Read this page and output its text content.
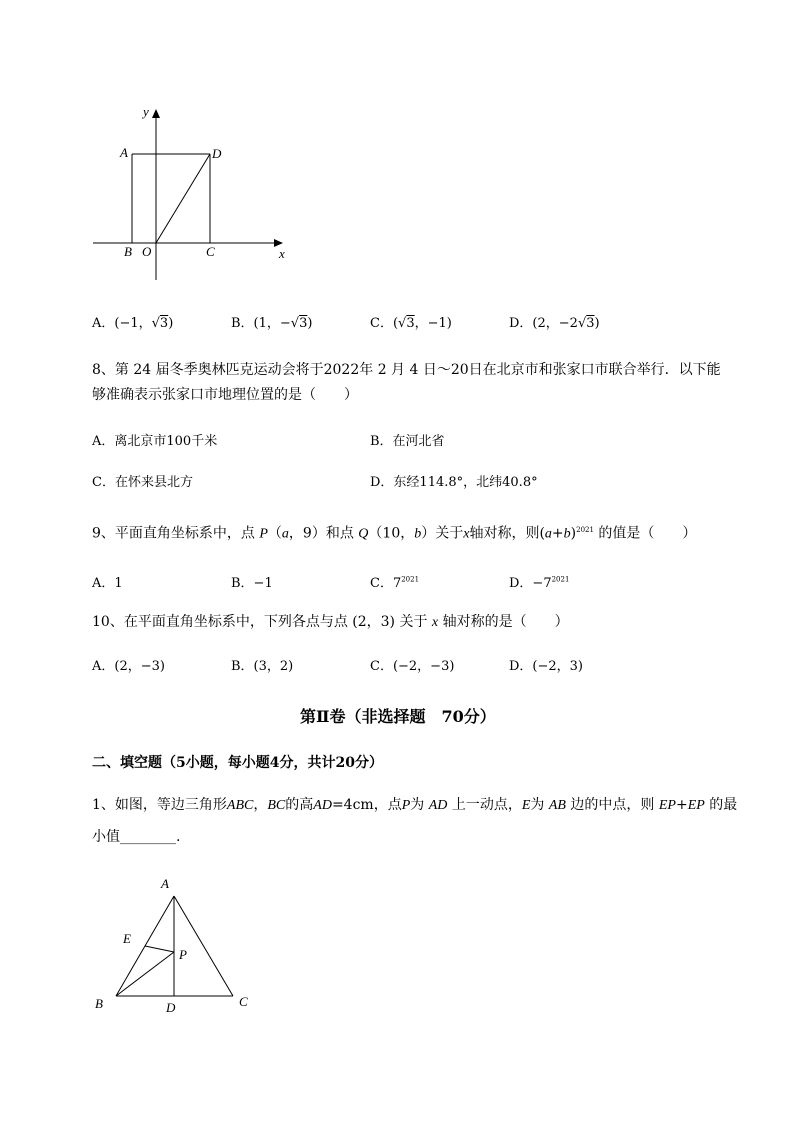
y
A	D
B O	C	x
A．(−1，√3)	B．(1，−√3)	C．(√3，−1)	D．(2，−2√3)
8、第 24 届冬季奥林匹克运动会将于2022年 2 月 4 日～20日在北京市和张家口市联合举行．以下能
够准确表示张家口市地理位置的是（　　）
A．离北京市100千米	B．在河北省
C．在怀来县北方	D．东经114.8°，北纬40.8°
9、平面直角坐标系中，点 P（a，9）和点 Q（10，b）关于x轴对称，则$(a+b)^{2021}$ 的值是（　　）
A．1	B．−1	C．$7^{2021}$	D．$-7^{2021}$
10、在平面直角坐标系中，下列各点与点 (2，3) 关于 x 轴对称的是（　　）
A．(2，−3)	B．(3，2)	C．(−2，−3)	D．(−2，3)
第Ⅱ卷（非选择题　70分）
二、填空题（5小题，每小题4分，共计20分）
1、如图，等边三角形ABC，BC的高AD=4cm，点P为 AD 上一动点，E为 AB 边的中点，则 EP+EP 的最
小值________.
A
E
P
B	D	C
